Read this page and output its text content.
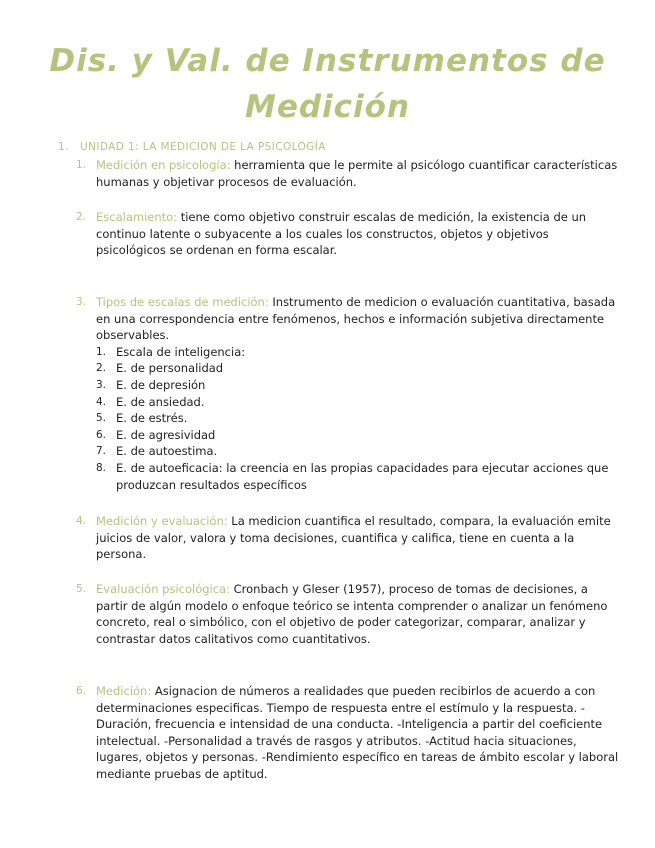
Dis. y Val. de Instrumentos de
Medición
1. UNIDAD 1: LA MEDICION DE LA PSICOLOGÍA
1. Medición en psicología: herramienta que le permite al psicólogo cuantificar características humanas y objetivar procesos de evaluación.
2. Escalamiento: tiene como objetivo construir escalas de medición, la existencia de un continuo latente o subyacente a los cuales los constructos, objetos y objetivos psicológicos se ordenan en forma escalar.
3. Tipos de escalas de medición: Instrumento de medicion o evaluación cuantitativa, basada en una correspondencia entre fenómenos, hechos e información subjetiva directamente observables.
1. Escala de inteligencia:
2. E. de personalidad
3. E. de depresión
4. E. de ansiedad.
5. E. de estrés.
6. E. de agresividad
7. E. de autoestima.
8. E. de autoeficacia: la creencia en las propias capacidades para ejecutar acciones que produzcan resultados específicos
4. Medición y evaluación: La medicion cuantifica el resultado, compara, la evaluación emite juicios de valor, valora y toma decisiones, cuantifica y califica, tiene en cuenta a la persona.
5. Evaluación psicológica: Cronbach y Gleser (1957), proceso de tomas de decisiones, a partir de algún modelo o enfoque teórico se intenta comprender o analizar un fenómeno concreto, real o simbólico, con el objetivo de poder categorizar, comparar, analizar y contrastar datos calitativos como cuantitativos.
6. Medición: Asignacion de números a realidades que pueden recibirlos de acuerdo a con determinaciones especificas. Tiempo de respuesta entre el estímulo y la respuesta. -Duración, frecuencia e intensidad de una conducta. -Inteligencia a partir del coeficiente intelectual. -Personalidad a través de rasgos y atributos. -Actitud hacia situaciones, lugares, objetos y personas. -Rendimiento específico en tareas de ámbito escolar y laboral mediante pruebas de aptitud.
